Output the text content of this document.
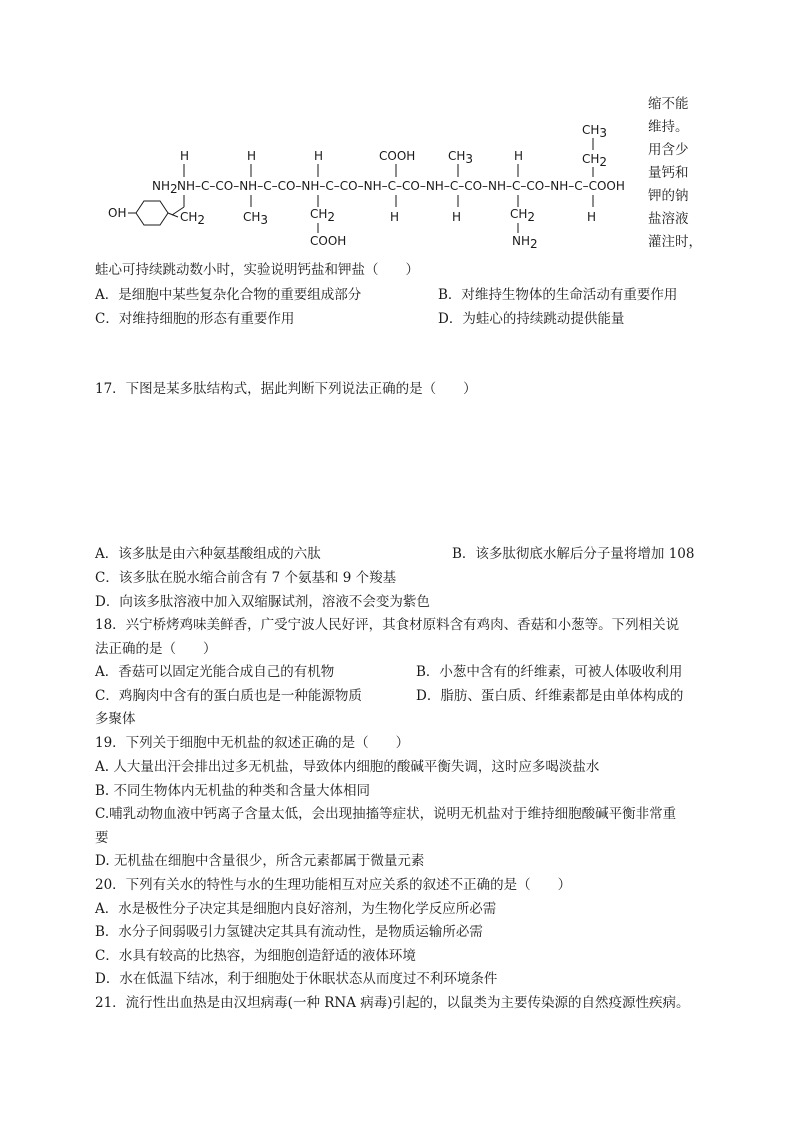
CH3
CH2
H	H	H	COOH	CH3	H
NH2 NH–C–CO–NH–C–CO–NH–C–CO–NH–C–CO–NH–C–CO–NH–C–CO–NH–C–COOH
CH2
OH	CH3	CH2
COOH
H	H	CH2
NH2
H
缩不能
维持。
用含少
量钙和
钾的钠
盐溶液
灌注时，
蛙心可持续跳动数小时，实验说明钙盐和钾盐（　　）
A．是细胞中某些复杂化合物的重要组成部分	B．对维持生物体的生命活动有重要作用
C．对维持细胞的形态有重要作用	D．为蛙心的持续跳动提供能量
17．下图是某多肽结构式，据此判断下列说法正确的是（　　）
A．该多肽是由六种氨基酸组成的六肽	B．该多肽彻底水解后分子量将增加 108
C．该多肽在脱水缩合前含有 7 个氨基和 9 个羧基
D．向该多肽溶液中加入双缩脲试剂，溶液不会变为紫色
18．兴宁桥烤鸡味美鲜香，广受宁波人民好评，其食材原料含有鸡肉、香菇和小葱等。下列相关说
法正确的是（　　）
A．香菇可以固定光能合成自己的有机物	B．小葱中含有的纤维素，可被人体吸收利用
C．鸡胸肉中含有的蛋白质也是一种能源物质	D．脂肪、蛋白质、纤维素都是由单体构成的
多聚体
19．下列关于细胞中无机盐的叙述正确的是（　　）
A. 人大量出汗会排出过多无机盐，导致体内细胞的酸碱平衡失调，这时应多喝淡盐水
B. 不同生物体内无机盐的种类和含量大体相同
C.哺乳动物血液中钙离子含量太低，会出现抽搐等症状，说明无机盐对于维持细胞酸碱平衡非常重
要
D. 无机盐在细胞中含量很少，所含元素都属于微量元素
20．下列有关水的特性与水的生理功能相互对应关系的叙述不正确的是（　　）
A．水是极性分子决定其是细胞内良好溶剂，为生物化学反应所必需
B．水分子间弱吸引力氢键决定其具有流动性，是物质运输所必需
C．水具有较高的比热容，为细胞创造舒适的液体环境
D．水在低温下结冰，利于细胞处于休眠状态从而度过不利环境条件
21．流行性出血热是由汉坦病毒(一种 RNA 病毒)引起的，以鼠类为主要传染源的自然疫源性疾病。
